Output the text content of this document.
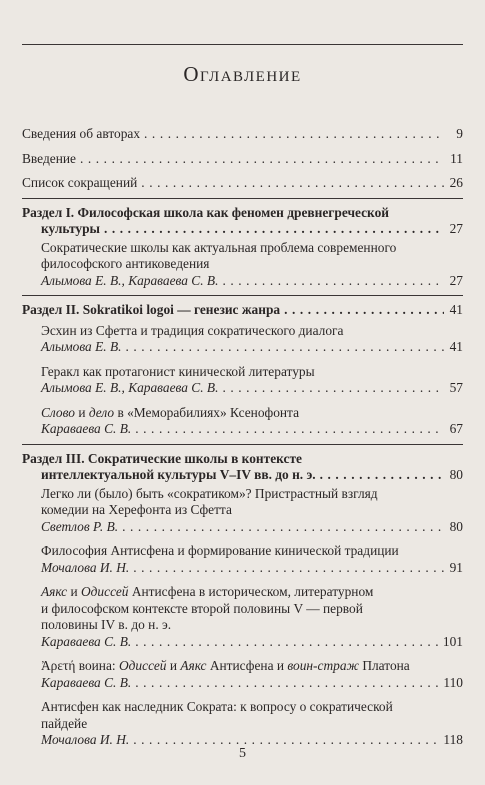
Оглавление
Сведения об авторах . . .	9
Введение . . .	11
Список сокращений . . .	26
Раздел I. Философская школа как феномен древнегреческой
культуры . . .	27
Сократические школы как актуальная проблема современного
философского антиковедения
Алымова Е. В., Караваева С. В. . . .	27
Раздел II. Sokratikoi logoi — генезис жанра . . .	41
Эсхин из Сфетта и традиция сократического диалога
Алымова Е. В. . . .	41
Геракл как протагонист кинической литературы
Алымова Е. В., Караваева С. В. . . .	57
Слово и дело в «Меморабилиях» Ксенофонта
Караваева С. В. . . .	67
Раздел III. Сократические школы в контексте
интеллектуальной культуры V–IV вв. до н. э. . . .	80
Легко ли (было) быть «сократиком»? Пристрастный взгляд
комедии на Херефонта из Сфетта
Светлов Р. В. . . .	80
Философия Антисфена и формирование кинической традиции
Мочалова И. Н. . . .	91
Аякс и Одиссей Антисфена в историческом, литературном
и философском контексте второй половины V — первой
половины IV в. до н. э.
Караваева С. В. . . .	101
Ἀρετή воина: Одиссей и Аякс Антисфена и воин-страж Платона
Караваева С. В. . . .	110
Антисфен как наследник Сократа: к вопросу о сократической
пайдейе
Мочалова И. Н. . . .	118
5
